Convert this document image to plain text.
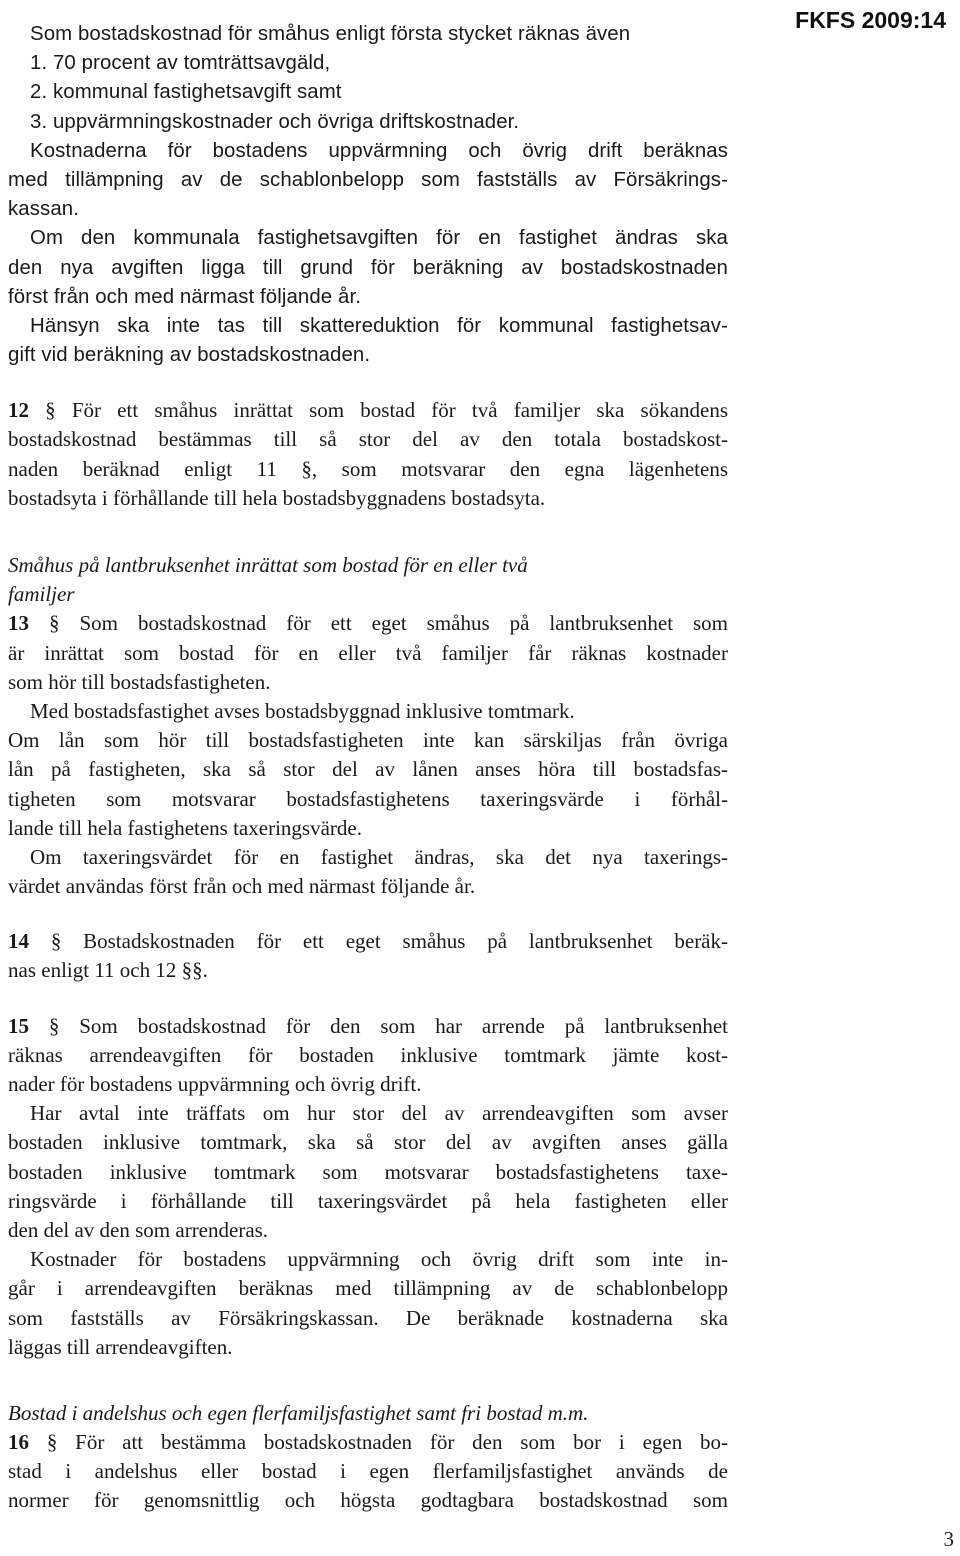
FKFS 2009:14
Som bostadskostnad för småhus enligt första stycket räknas även
1. 70 procent av tomträttsavgäld,
2. kommunal fastighetsavgift samt
3. uppvärmningskostnader och övriga driftskostnader.
Kostnaderna för bostadens uppvärmning och övrig drift beräknas
med tillämpning av de schablonbelopp som fastställs av Försäkrings-
kassan.
Om den kommunala fastighetsavgiften för en fastighet ändras ska
den nya avgiften ligga till grund för beräkning av bostadskostnaden
först från och med närmast följande år.
Hänsyn ska inte tas till skattereduktion för kommunal fastighetsav-
gift vid beräkning av bostadskostnaden.
12 § För ett småhus inrättat som bostad för två familjer ska sökandens
bostadskostnad bestämmas till så stor del av den totala bostadskost-
naden beräknad enligt 11 §, som motsvarar den egna lägenhetens
bostadsyta i förhållande till hela bostadsbyggnadens bostadsyta.
Småhus på lantbruksenhet inrättat som bostad för en eller två
familjer
13 § Som bostadskostnad för ett eget småhus på lantbruksenhet som
är inrättat som bostad för en eller två familjer får räknas kostnader
som hör till bostadsfastigheten.
Med bostadsfastighet avses bostadsbyggnad inklusive tomtmark.
Om lån som hör till bostadsfastigheten inte kan särskiljas från övriga
lån på fastigheten, ska så stor del av lånen anses höra till bostadsfas-
tigheten som motsvarar bostadsfastighetens taxeringsvärde i förhål-
lande till hela fastighetens taxeringsvärde.
Om taxeringsvärdet för en fastighet ändras, ska det nya taxerings-
värdet användas först från och med närmast följande år.
14 § Bostadskostnaden för ett eget småhus på lantbruksenhet beräk-
nas enligt 11 och 12 §§.
15 § Som bostadskostnad för den som har arrende på lantbruksenhet
räknas arrendeavgiften för bostaden inklusive tomtmark jämte kost-
nader för bostadens uppvärmning och övrig drift.
Har avtal inte träffats om hur stor del av arrendeavgiften som avser
bostaden inklusive tomtmark, ska så stor del av avgiften anses gälla
bostaden inklusive tomtmark som motsvarar bostadsfastighetens taxe-
ringsvärde i förhållande till taxeringsvärdet på hela fastigheten eller
den del av den som arrenderas.
Kostnader för bostadens uppvärmning och övrig drift som inte in-
går i arrendeavgiften beräknas med tillämpning av de schablonbelopp
som fastställs av Försäkringskassan. De beräknade kostnaderna ska
läggas till arrendeavgiften.
Bostad i andelshus och egen flerfamiljsfastighet samt fri bostad m.m.
16 § För att bestämma bostadskostnaden för den som bor i egen bo-
stad i andelshus eller bostad i egen flerfamiljsfastighet används de
normer för genomsnittlig och högsta godtagbara bostadskostnad som
3
